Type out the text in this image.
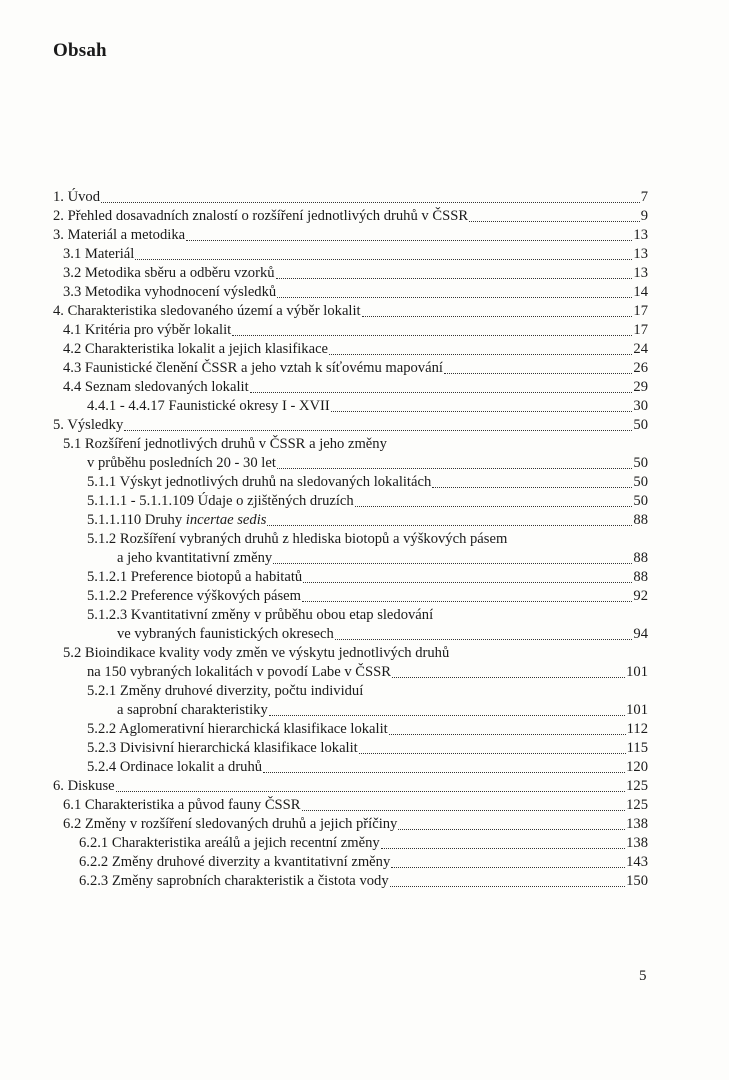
Obsah
1. Úvod	7
2. Přehled dosavadních znalostí o rozšíření jednotlivých druhů v ČSSR	9
3. Materiál a metodika	13
3.1 Materiál	13
3.2 Metodika sběru a odběru vzorků	13
3.3 Metodika vyhodnocení výsledků	14
4. Charakteristika sledovaného území a výběr lokalit	17
4.1 Kritéria pro výběr lokalit	17
4.2 Charakteristika lokalit a jejich klasifikace	24
4.3 Faunistické členění ČSSR a jeho vztah k síťovému mapování	26
4.4 Seznam sledovaných lokalit	29
4.4.1 - 4.4.17 Faunistické okresy I - XVII	30
5. Výsledky	50
5.1 Rozšíření jednotlivých druhů v ČSSR a jeho změny
v průběhu posledních 20 - 30 let	50
5.1.1 Výskyt jednotlivých druhů na sledovaných lokalitách	50
5.1.1.1 - 5.1.1.109 Údaje o zjištěných druzích	50
5.1.1.110 Druhy incertae sedis	88
5.1.2 Rozšíření vybraných druhů z hlediska biotopů a výškových pásem
a jeho kvantitativní změny	88
5.1.2.1 Preference biotopů a habitatů	88
5.1.2.2 Preference výškových pásem	92
5.1.2.3 Kvantitativní změny v průběhu obou etap sledování
ve vybraných faunistických okresech	94
5.2 Bioindikace kvality vody změn ve výskytu jednotlivých druhů
na 150 vybraných lokalitách v povodí Labe v ČSSR	101
5.2.1 Změny druhové diverzity, počtu individuí
a saprobní charakteristiky	101
5.2.2 Aglomerativní hierarchická klasifikace lokalit	112
5.2.3 Divisivní hierarchická klasifikace lokalit	115
5.2.4 Ordinace lokalit a druhů	120
6. Diskuse	125
6.1 Charakteristika a původ fauny ČSSR	125
6.2 Změny v rozšíření sledovaných druhů a jejich příčiny	138
6.2.1 Charakteristika areálů a jejich recentní změny	138
6.2.2 Změny druhové diverzity a kvantitativní změny	143
6.2.3 Změny saprobních charakteristik a čistota vody	150
5
